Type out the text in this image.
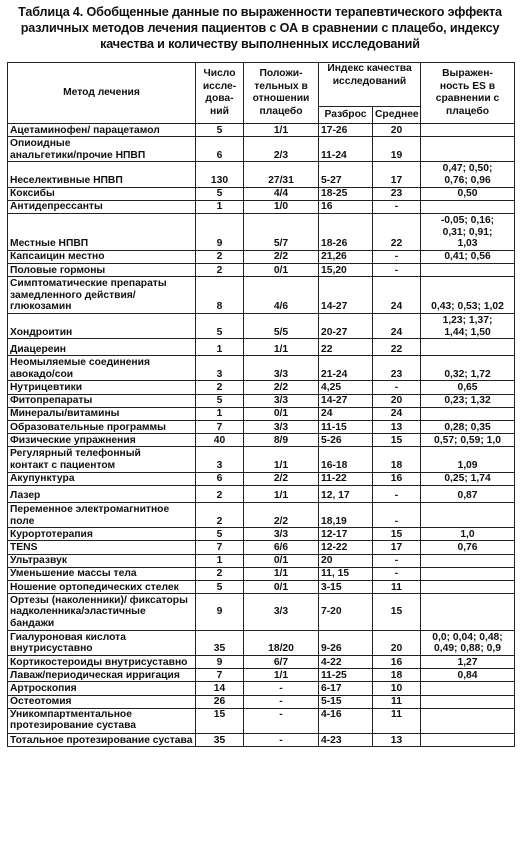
Таблица 4. Обобщенные данные по выраженности терапевтического эффекта
различных методов лечения пациентов с ОА в сравнении с плацебо, индексу
качества и количеству выполненных исследований
Метод лечения	Число
иссле-
дова-
ний	Положи-
тельных в
отношении
плацебо	Индекс качества
исследований		Выражен-
ность ES в
сравнении с
плацебо

			Разброс	Среднее	

Ацетаминофен/ парацетамол	5	1/1	17-26	20	

Опиоидные
анальгетики/прочие НПВП	6	2/3	11-24	19	

Неселективные НПВП	130	27/31	5-27	17	0,47; 0,50;
0,76; 0,96

Коксибы	5	4/4	18-25	23	0,50

Антидепрессанты	1	1/0	16	-	

Местные НПВП	9	5/7	18-26	22	-0,05; 0,16;
0,31; 0,91;
1,03

Капсаицин местно	2	2/2	21,26	-	0,41; 0,56

Половые гормоны	2	0/1	15,20	-	

Симптоматические препараты
замедленного действия/
глюкозамин	8	4/6	14-27	24	0,43; 0,53; 1,02

Хондроитин	5	5/5	20-27	24	1,23; 1,37;
1,44; 1,50

Диацереин	1	1/1	22	22	

Неомыляемые соединения
авокадо/сои	3	3/3	21-24	23	0,32; 1,72

Нутрицевтики	2	2/2	4,25	-	0,65

Фитопрепараты	5	3/3	14-27	20	0,23; 1,32

Минералы/витамины	1	0/1	24	24	

Образовательные программы	7	3/3	11-15	13	0,28; 0,35

Физические упражнения	40	8/9	5-26	15	0,57; 0,59; 1,0

Регулярный телефонный
контакт с пациентом	3	1/1	16-18	18	1,09

Акупунктура	6	2/2	11-22	16	0,25; 1,74

Лазер	2	1/1	12, 17	-	0,87

Переменное электромагнитное
поле	2	2/2	18,19	-	

Курортотерапия	5	3/3	12-17	15	1,0

TENS	7	6/6	12-22	17	0,76

Ультразвук	1	0/1	20	-	

Уменьшение массы тела	2	1/1	11, 15	-	

Ношение ортопедических стелек	5	0/1	3-15	11	

Ортезы (наколенники)/ фиксаторы
надколенника/эластичные
бандажи	9	3/3	7-20	15	

Гиалуроновая кислота
внутрисуставно	35	18/20	9-26	20	0,0; 0,04; 0,48;
0,49; 0,88; 0,9

Кортикостероиды внутрисуставно	9	6/7	4-22	16	1,27

Лаваж/периодическая ирригация	7	1/1	11-25	18	0,84

Артроскопия	14	-	6-17	10	

Остеотомия	26	-	5-15	11	

Уникомпартментальное
протезирование сустава	15	-	4-16	11	

Тотальное протезирование сустава	35	-	4-23	13	
